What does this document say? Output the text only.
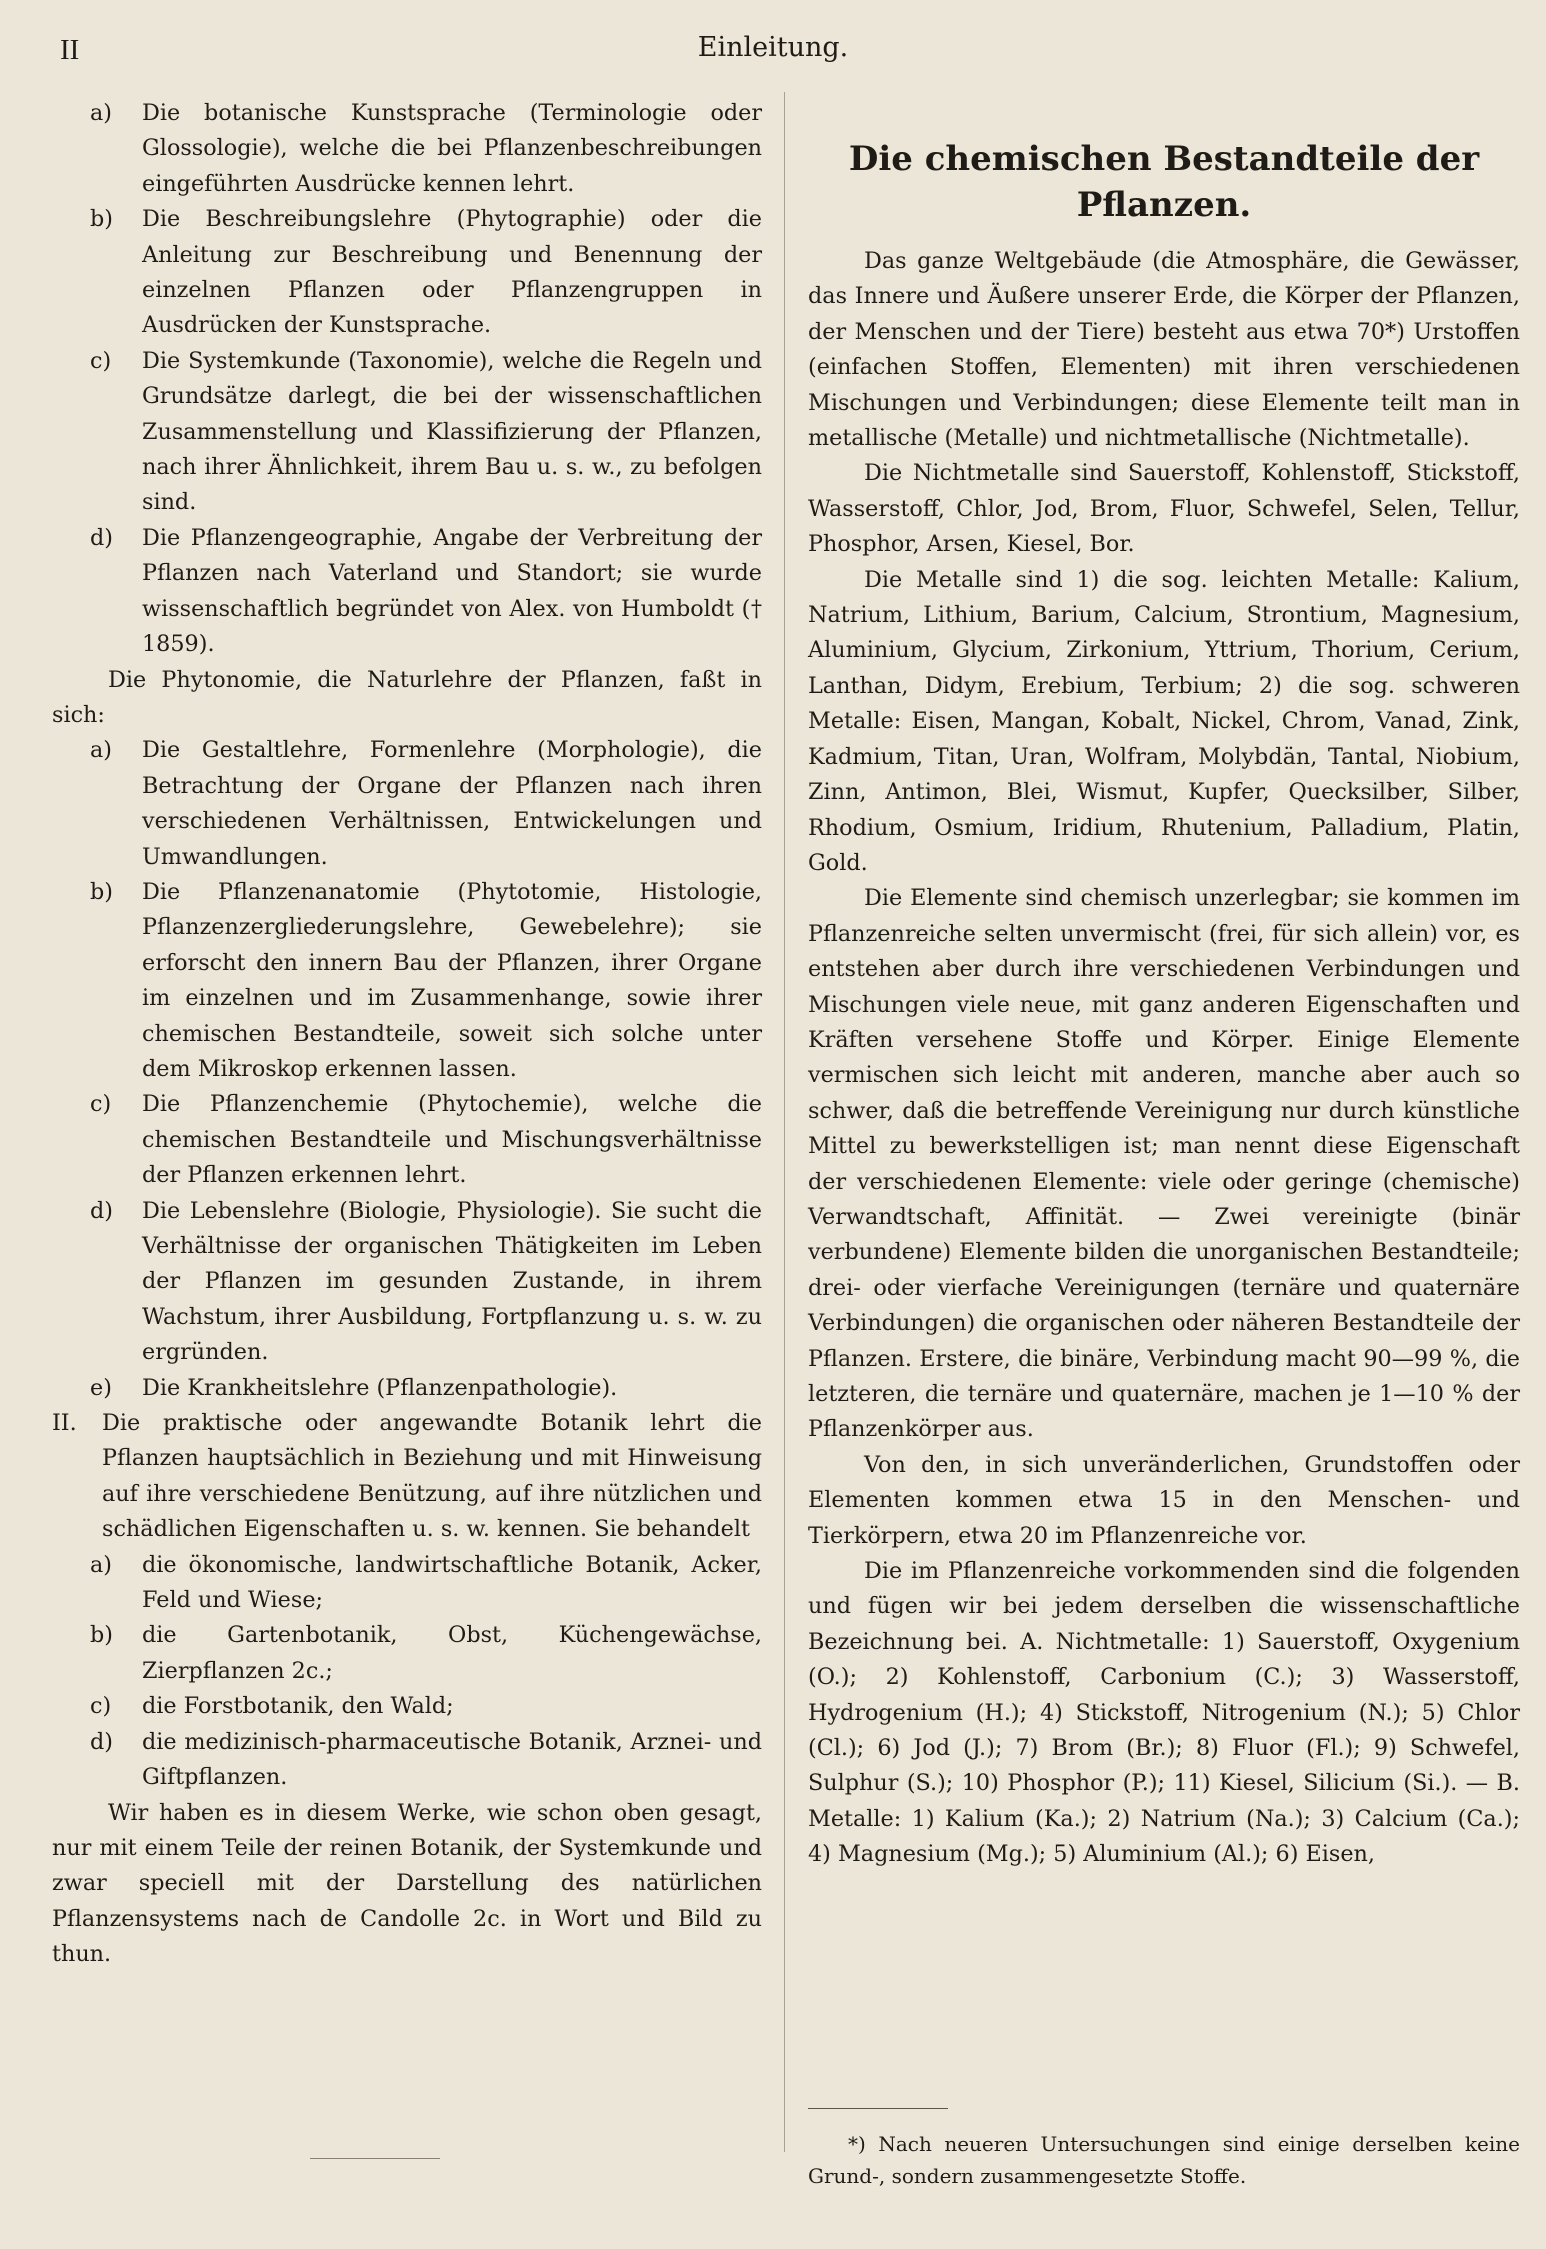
II	Einleitung.
a)	Die botanische Kunstsprache (Terminologie oder Glossologie), welche die bei Pflanzenbeschreibungen eingeführten Ausdrücke kennen lehrt.
b)	Die Beschreibungslehre (Phytographie) oder die Anleitung zur Beschreibung und Benennung der einzelnen Pflanzen oder Pflanzengruppen in Ausdrücken der Kunstsprache.
c)	Die Systemkunde (Taxonomie), welche die Regeln und Grundsätze darlegt, die bei der wissenschaftlichen Zusammenstellung und Klassifizierung der Pflanzen, nach ihrer Ähnlichkeit, ihrem Bau u. s. w., zu befolgen sind.
d)	Die Pflanzengeographie, Angabe der Verbreitung der Pflanzen nach Vaterland und Standort; sie wurde wissenschaftlich begründet von Alex. von Humboldt († 1859).

Die Phytonomie, die Naturlehre der Pflanzen, faßt in sich:

a)	Die Gestaltlehre, Formenlehre (Morphologie), die Betrachtung der Organe der Pflanzen nach ihren verschiedenen Verhältnissen, Entwickelungen und Umwandlungen.
b)	Die Pflanzenanatomie (Phytotomie, Histologie, Pflanzenzergliederungslehre, Gewebelehre); sie erforscht den innern Bau der Pflanzen, ihrer Organe im einzelnen und im Zusammenhange, sowie ihrer chemischen Bestandteile, soweit sich solche unter dem Mikroskop erkennen lassen.
c)	Die Pflanzenchemie (Phytochemie), welche die chemischen Bestandteile und Mischungsverhältnisse der Pflanzen erkennen lehrt.
d)	Die Lebenslehre (Biologie, Physiologie). Sie sucht die Verhältnisse der organischen Thätigkeiten im Leben der Pflanzen im gesunden Zustande, in ihrem Wachstum, ihrer Ausbildung, Fortpflanzung u. s. w. zu ergründen.
e)	Die Krankheitslehre (Pflanzenpathologie).
II.	Die praktische oder angewandte Botanik lehrt die Pflanzen hauptsächlich in Beziehung und mit Hinweisung auf ihre verschiedene Benützung, auf ihre nützlichen und schädlichen Eigenschaften u. s. w. kennen. Sie behandelt
a)	die ökonomische, landwirtschaftliche Botanik, Acker, Feld und Wiese;
b)	die Gartenbotanik, Obst, Küchengewächse, Zierpflanzen 2c.;
c)	die Forstbotanik, den Wald;
d)	die medizinisch-pharmaceutische Botanik, Arznei- und Giftpflanzen.

Wir haben es in diesem Werke, wie schon oben gesagt, nur mit einem Teile der reinen Botanik, der Systemkunde und zwar speciell mit der Darstellung des natürlichen Pflanzensystems nach de Candolle 2c. in Wort und Bild zu thun.

Die chemischen Bestandteile der Pflanzen.

Das ganze Weltgebäude (die Atmosphäre, die Gewässer, das Innere und Äußere unserer Erde, die Körper der Pflanzen, der Menschen und der Tiere) besteht aus etwa 70*) Urstoffen (einfachen Stoffen, Elementen) mit ihren verschiedenen Mischungen und Verbindungen; diese Elemente teilt man in metallische (Metalle) und nichtmetallische (Nichtmetalle).

Die Nichtmetalle sind Sauerstoff, Kohlenstoff, Stickstoff, Wasserstoff, Chlor, Jod, Brom, Fluor, Schwefel, Selen, Tellur, Phosphor, Arsen, Kiesel, Bor.

Die Metalle sind 1) die sog. leichten Metalle: Kalium, Natrium, Lithium, Barium, Calcium, Strontium, Magnesium, Aluminium, Glycium, Zirkonium, Yttrium, Thorium, Cerium, Lanthan, Didym, Erebium, Terbium; 2) die sog. schweren Metalle: Eisen, Mangan, Kobalt, Nickel, Chrom, Vanad, Zink, Kadmium, Titan, Uran, Wolfram, Molybdän, Tantal, Niobium, Zinn, Antimon, Blei, Wismut, Kupfer, Quecksilber, Silber, Rhodium, Osmium, Iridium, Rhutenium, Palladium, Platin, Gold.

Die Elemente sind chemisch unzerlegbar; sie kommen im Pflanzenreiche selten unvermischt (frei, für sich allein) vor, es entstehen aber durch ihre verschiedenen Verbindungen und Mischungen viele neue, mit ganz anderen Eigenschaften und Kräften versehene Stoffe und Körper. Einige Elemente vermischen sich leicht mit anderen, manche aber auch so schwer, daß die betreffende Vereinigung nur durch künstliche Mittel zu bewerkstelligen ist; man nennt diese Eigenschaft der verschiedenen Elemente: viele oder geringe (chemische) Verwandtschaft, Affinität. — Zwei vereinigte (binär verbundene) Elemente bilden die unorganischen Bestandteile; drei- oder vierfache Vereinigungen (ternäre und quaternäre Verbindungen) die organischen oder näheren Bestandteile der Pflanzen. Erstere, die binäre, Verbindung macht 90—99 %, die letzteren, die ternäre und quaternäre, machen je 1—10 % der Pflanzenkörper aus.

Von den, in sich unveränderlichen, Grundstoffen oder Elementen kommen etwa 15 in den Menschen- und Tierkörpern, etwa 20 im Pflanzenreiche vor.

Die im Pflanzenreiche vorkommenden sind die folgenden und fügen wir bei jedem derselben die wissenschaftliche Bezeichnung bei. A. Nichtmetalle: 1) Sauerstoff, Oxygenium (O.); 2) Kohlenstoff, Carbonium (C.); 3) Wasserstoff, Hydrogenium (H.); 4) Stickstoff, Nitrogenium (N.); 5) Chlor (Cl.); 6) Jod (J.); 7) Brom (Br.); 8) Fluor (Fl.); 9) Schwefel, Sulphur (S.); 10) Phosphor (P.); 11) Kiesel, Silicium (Si.). — B. Metalle: 1) Kalium (Ka.); 2) Natrium (Na.); 3) Calcium (Ca.); 4) Magnesium (Mg.); 5) Aluminium (Al.); 6) Eisen,

*) Nach neueren Untersuchungen sind einige derselben keine Grund-, sondern zusammengesetzte Stoffe.
